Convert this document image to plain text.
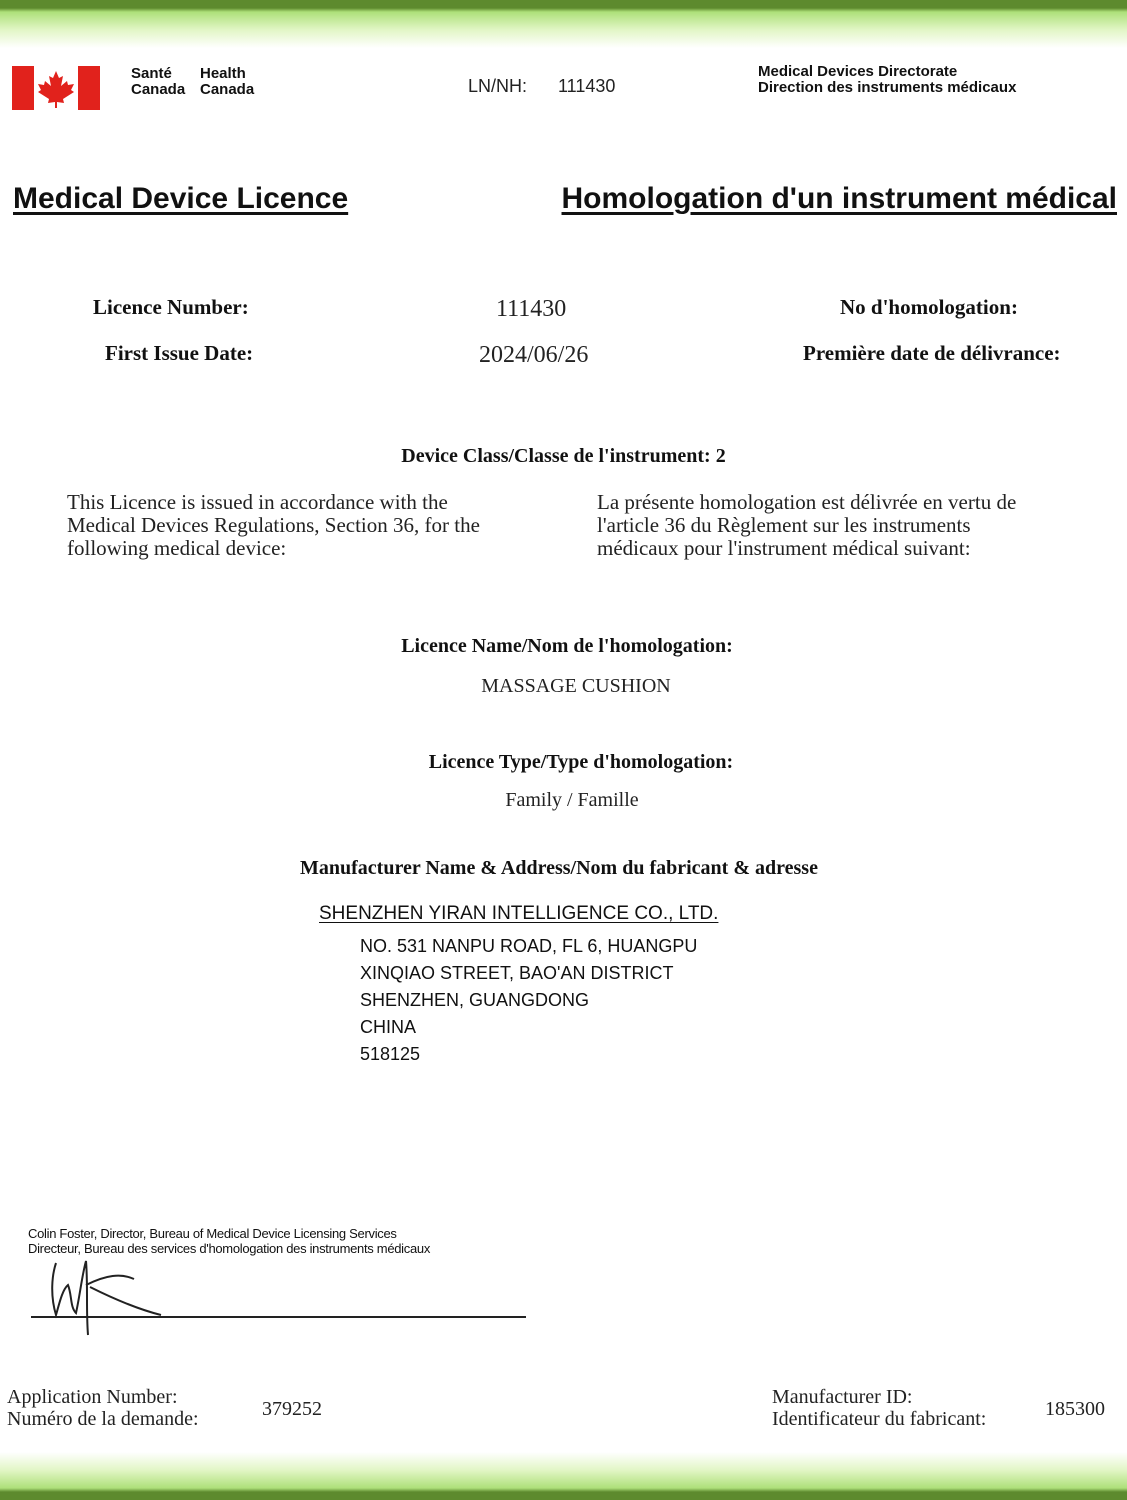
Santé
Canada
Health
Canada	LN/NH: 111430
Medical Devices Directorate
Direction des instruments médicaux
Medical Device Licence	Homologation d'un instrument médical
Licence Number:	111430	No d'homologation:
First Issue Date:	2024/06/26	Première date de délivrance:
Device Class/Classe de l'instrument: 2
This Licence is issued in accordance with the Medical Devices Regulations, Section 36, for the following medical device:
La présente homologation est délivrée en vertu de l'article 36 du Règlement sur les instruments médicaux pour l'instrument médical suivant:
Licence Name/Nom de l'homologation:
MASSAGE CUSHION
Licence Type/Type d'homologation:
Family / Famille
Manufacturer Name & Address/Nom du fabricant & adresse
SHENZHEN YIRAN INTELLIGENCE CO., LTD.
NO. 531 NANPU ROAD, FL 6, HUANGPU
XINQIAO STREET, BAO'AN DISTRICT
SHENZHEN, GUANGDONG
CHINA
518125
Colin Foster, Director, Bureau of Medical Device Licensing Services
Directeur, Bureau des services d'homologation des instruments médicaux
Application Number:
Numéro de la demande:	379252
Manufacturer ID:
Identificateur du fabricant:	185300
